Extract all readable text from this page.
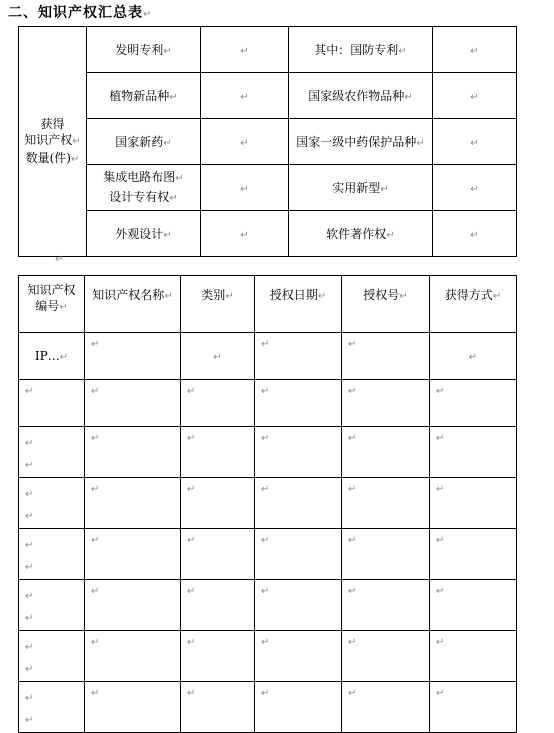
二、知识产权汇总表↵
获得
知识产权↵
数量(件)↵	发明专利↵	↵	其中：国防专利↵	↵
	植物新品种↵	↵	国家级农作物品种↵	↵
	国家新药↵	↵	国家一级中药保护品种↵	↵

	集成电路布图↵
设计专有权↵	↵	实用新型↵	↵
	外观设计↵	↵	软件著作权↵	↵
↵
知识产权
编号↵	知识产权名称↵	类别↵	授权日期↵	授权号↵	获得方式↵
IP…↵	↵	↵	↵	↵	↵

↵	↵	↵	↵	↵	↵

↵
↵	↵	↵	↵	↵	↵

↵
↵	↵	↵	↵	↵	↵

↵
↵	↵	↵	↵	↵	↵

↵
↵	↵	↵	↵	↵	↵

↵
↵	↵	↵	↵	↵	↵

↵
↵	↵	↵	↵	↵	↵
